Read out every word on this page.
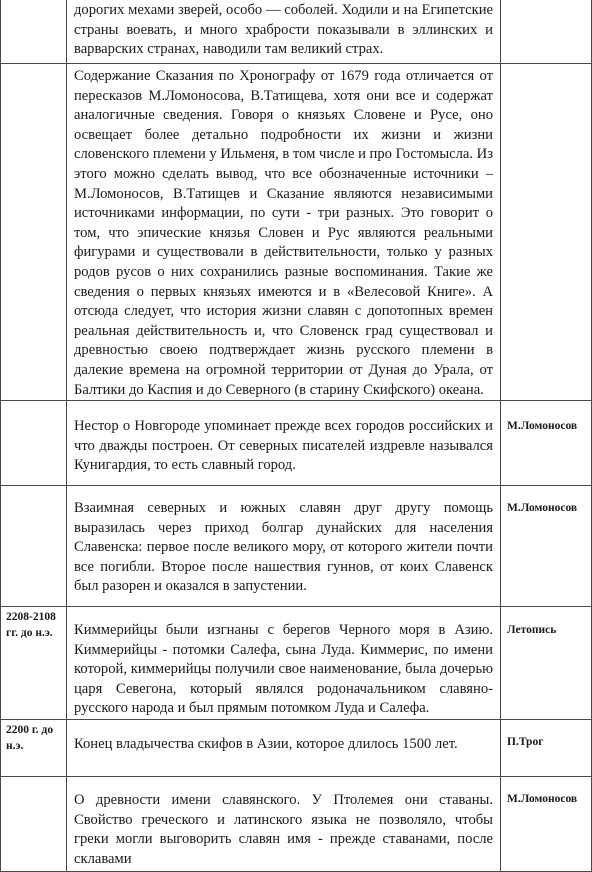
	дорогих мехами зверей, особо — соболей. Ходили и на Египетские страны воевать, и много храбрости показывали в эллинских и варварских странах, наводили там великий страх.	

	Содержание Сказания по Хронографу от 1679 года отличается от пересказов М.Ломоносова, В.Татищева, хотя они все и содержат аналогичные сведения. Говоря о князьях Словене и Русе, оно освещает более детально подробности их жизни и жизни словенского племени у Ильменя, в том числе и про Гостомысла. Из этого можно сделать вывод, что все обозначенные источники – М.Ломоносов, В.Татищев и Сказание являются независимыми источниками информации, по сути - три разных. Это говорит о том, что эпические князья Словен и Рус являются реальными фигурами и существовали в действительности, только у разных родов русов о них сохранились разные воспоминания. Такие же сведения о первых князьях имеются и в «Велесовой Книге». А отсюда следует, что история жизни славян с допотопных времен реальная действительность и, что Словенск град существовал и древностью своею подтверждает жизнь русского племени в далекие времена на огромной территории от Дуная до Урала, от Балтики до Каспия и до Северного (в старину Скифского) океана.	

	Нестор о Новгороде упоминает прежде всех городов российских и что дважды построен. От северных писателей издревле назывался Кунигардия, то есть славный город.	М.Ломоносов

	Взаимная северных и южных славян друг другу помощь выразилась через приход болгар дунайских для населения Славенска: первое после великого мору, от которого жители почти все погибли. Второе после нашествия гуннов, от коих Славенск был разорен и оказался в запустении.	М.Ломоносов
2208-2108 гг. до н.э.	Киммерийцы были изгнаны с берегов Черного моря в Азию. Киммерийцы - потомки Салефа, сына Луда. Киммерис, по имени которой, киммерийцы получили свое наименование, была дочерью царя Севегона, который являлся родоначальником славяно-русского народа и был прямым потомком Луда и Салефа.	Летопись
2200 г. до н.э.	Конец владычества скифов в Азии, которое длилось 1500 лет.	П.Трог

	О древности имени славянского. У Птолемея они ставаны. Свойство греческого и латинского языка не позволяло, чтобы греки могли выговорить славян имя - прежде ставанами, после склавами	М.Ломоносов
